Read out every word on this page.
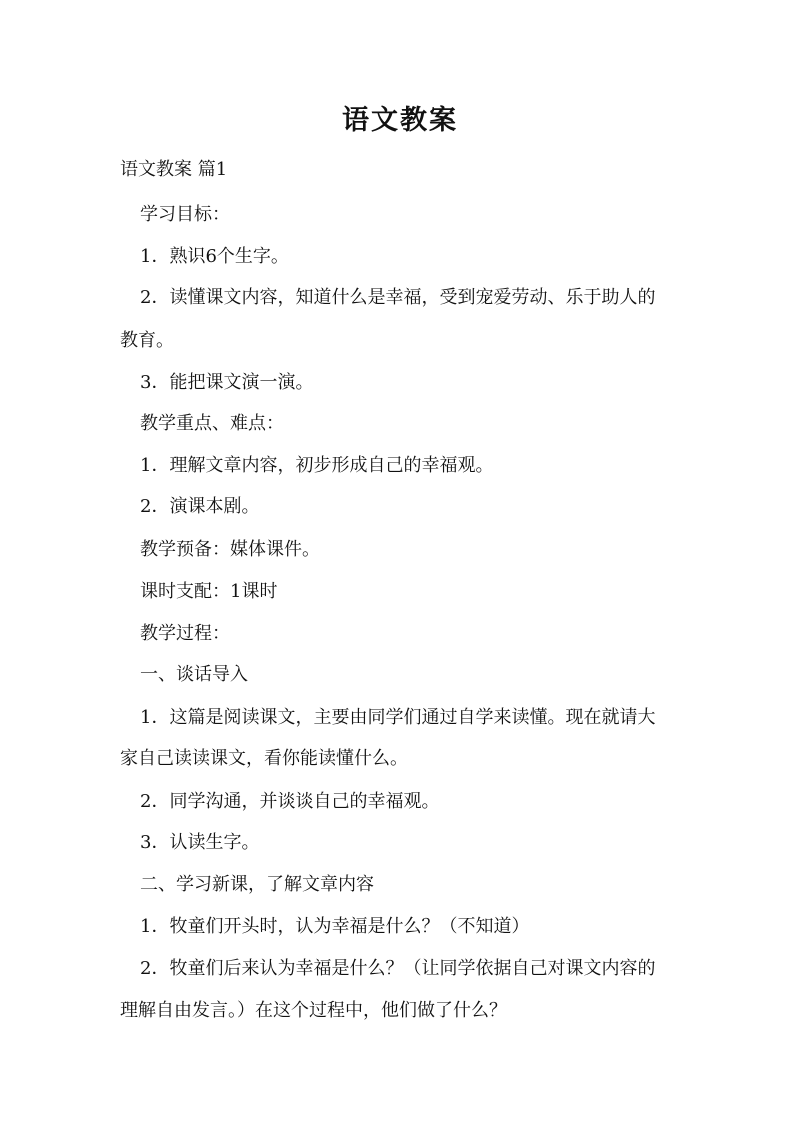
语文教案

语文教案 篇1

学习目标：

1．熟识6个生字。

2．读懂课文内容，知道什么是幸福，受到宠爱劳动、乐于助人的

教育。

3．能把课文演一演。

教学重点、难点：

1．理解文章内容，初步形成自己的幸福观。

2．演课本剧。

教学预备：媒体课件。

课时支配：1课时

教学过程：

一、谈话导入

1．这篇是阅读课文，主要由同学们通过自学来读懂。现在就请大

家自己读读课文，看你能读懂什么。

2．同学沟通，并谈谈自己的幸福观。

3．认读生字。

二、学习新课，了解文章内容

1．牧童们开头时，认为幸福是什么？（不知道）

2．牧童们后来认为幸福是什么？（让同学依据自己对课文内容的

理解自由发言。）在这个过程中，他们做了什么？
